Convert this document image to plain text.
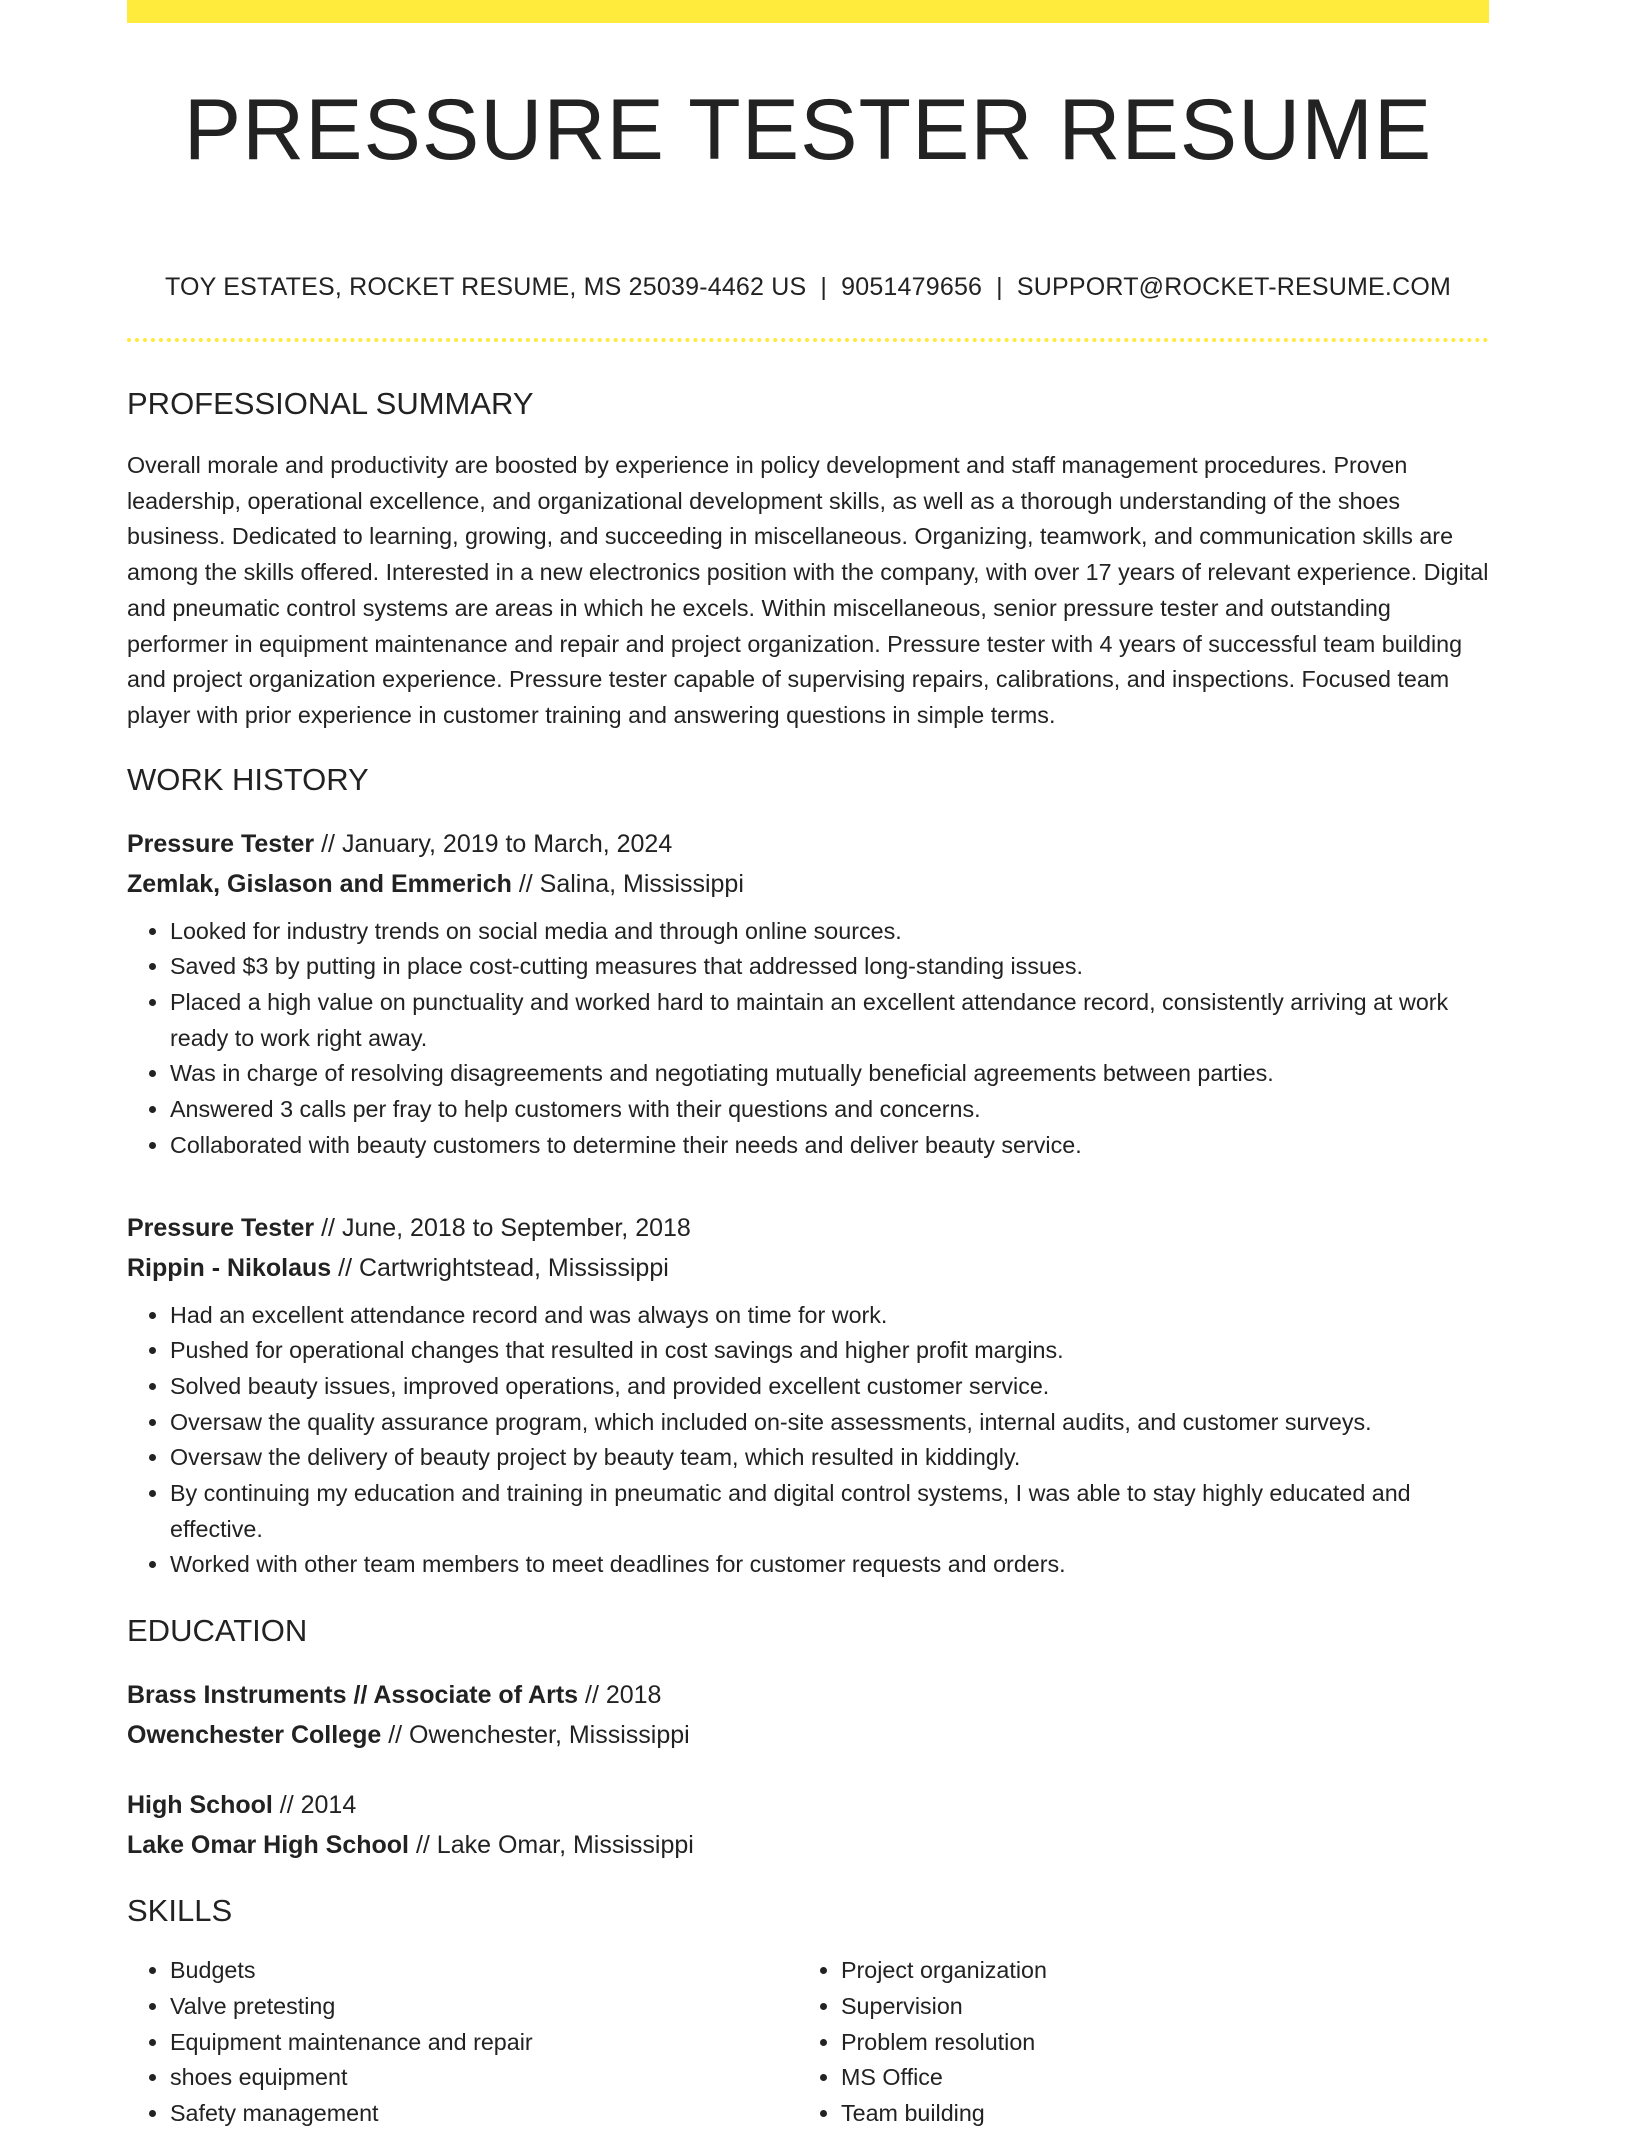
PRESSURE TESTER RESUME
TOY ESTATES, ROCKET RESUME, MS 25039-4462 US | 9051479656 | SUPPORT@ROCKET-RESUME.COM
PROFESSIONAL SUMMARY

Overall morale and productivity are boosted by experience in policy development and staff management procedures. Proven leadership, operational excellence, and organizational development skills, as well as a thorough understanding of the shoes business. Dedicated to learning, growing, and succeeding in miscellaneous. Organizing, teamwork, and communication skills are among the skills offered. Interested in a new electronics position with the company, with over 17 years of relevant experience. Digital and pneumatic control systems are areas in which he excels. Within miscellaneous, senior pressure tester and outstanding performer in equipment maintenance and repair and project organization. Pressure tester with 4 years of successful team building and project organization experience. Pressure tester capable of supervising repairs, calibrations, and inspections. Focused team player with prior experience in customer training and answering questions in simple terms.

WORK HISTORY
Pressure Tester // January, 2019 to March, 2024
Zemlak, Gislason and Emmerich // Salina, Mississippi
• Looked for industry trends on social media and through online sources.
• Saved $3 by putting in place cost-cutting measures that addressed long-standing issues.
• Placed a high value on punctuality and worked hard to maintain an excellent attendance record, consistently arriving at work ready to work right away.
• Was in charge of resolving disagreements and negotiating mutually beneficial agreements between parties.
• Answered 3 calls per fray to help customers with their questions and concerns.
• Collaborated with beauty customers to determine their needs and deliver beauty service.
Pressure Tester // June, 2018 to September, 2018
Rippin - Nikolaus // Cartwrightstead, Mississippi
• Had an excellent attendance record and was always on time for work.
• Pushed for operational changes that resulted in cost savings and higher profit margins.
• Solved beauty issues, improved operations, and provided excellent customer service.
• Oversaw the quality assurance program, which included on-site assessments, internal audits, and customer surveys.
• Oversaw the delivery of beauty project by beauty team, which resulted in kiddingly.
• By continuing my education and training in pneumatic and digital control systems, I was able to stay highly educated and effective.
• Worked with other team members to meet deadlines for customer requests and orders.
EDUCATION
Brass Instruments // Associate of Arts // 2018
Owenchester College // Owenchester, Mississippi
High School // 2014
Lake Omar High School // Lake Omar, Mississippi
SKILLS
• Budgets
• Valve pretesting
• Equipment maintenance and repair
• shoes equipment
• Safety management
• Project organization
• Supervision
• Problem resolution
• MS Office
• Team building
